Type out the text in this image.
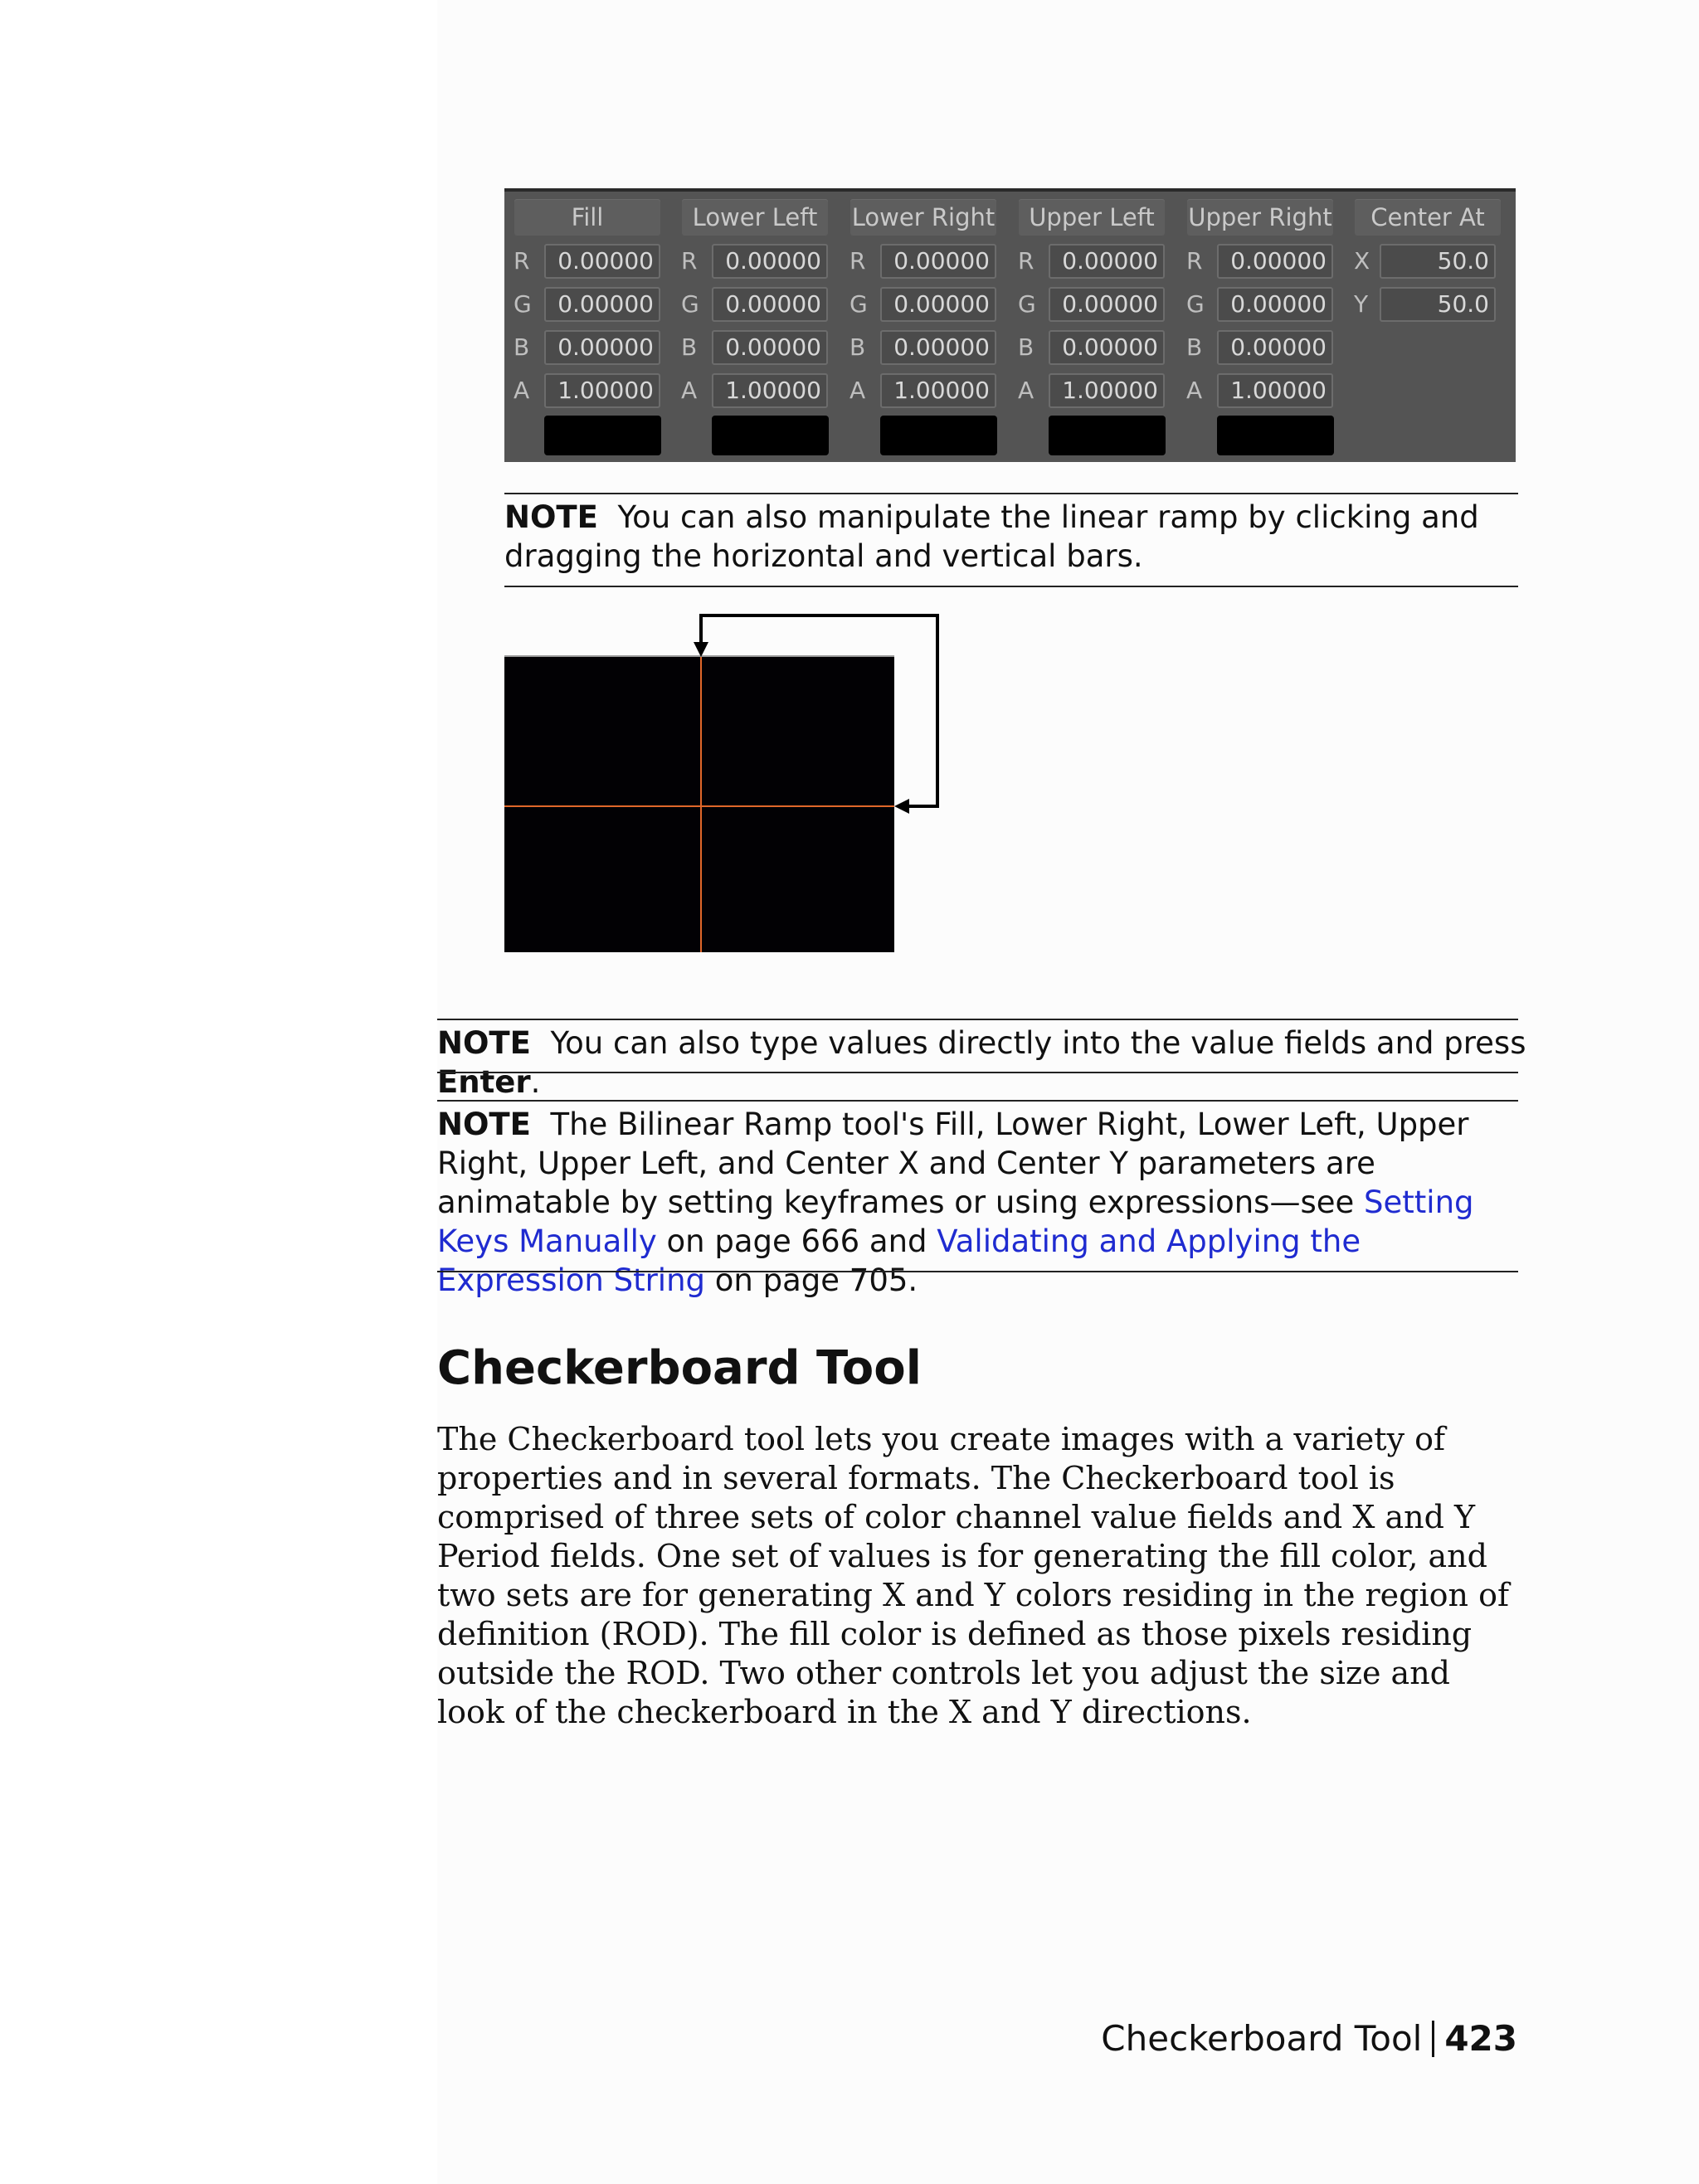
Fill
R	0.00000
G	0.00000
B	0.00000
A	1.00000
Lower Left
R	0.00000
G	0.00000
B	0.00000
A	1.00000
Lower Right
R	0.00000
G	0.00000
B	0.00000
A	1.00000
Upper Left
R	0.00000
G	0.00000
B	0.00000
A	1.00000
Upper Right
R	0.00000
G	0.00000
B	0.00000
A	1.00000
Center At
X	50.0
Y	50.0
NOTE You can also manipulate the linear ramp by clicking and dragging the horizontal and vertical bars.
NOTE You can also type values directly into the value fields and press Enter.
NOTE The Bilinear Ramp tool's Fill, Lower Right, Lower Left, Upper Right, Upper Left, and Center X and Center Y parameters are animatable by setting keyframes or using expressions—see Setting Keys Manually on page 666 and Validating and Applying the Expression String on page 705.
Checkerboard Tool
The Checkerboard tool lets you create images with a variety of properties and in several formats. The Checkerboard tool is comprised of three sets of color channel value fields and X and Y Period fields. One set of values is for generating the fill color, and two sets are for generating X and Y colors residing in the region of definition (ROD). The fill color is defined as those pixels residing outside the ROD. Two other controls let you adjust the size and look of the checkerboard in the X and Y directions.
Checkerboard Tool 423
